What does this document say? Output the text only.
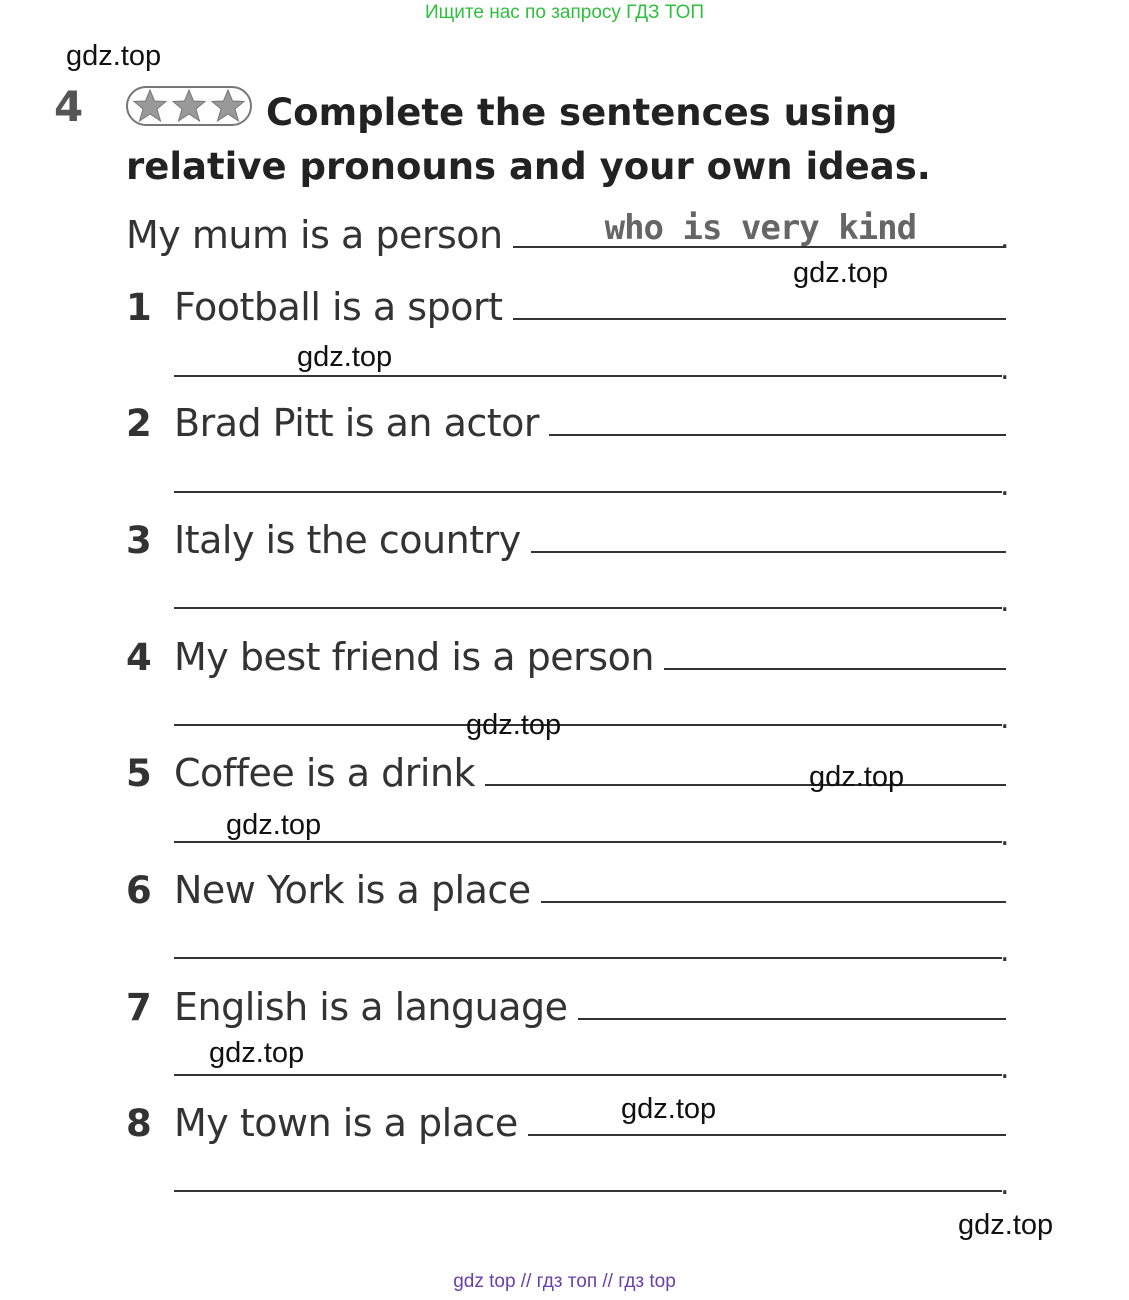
Ищите нас по запросу ГДЗ ТОП
gdz.top
4	Complete the sentences using relative pronouns and your own ideas.

My mum is a person	who is very kind	.
gdz.top
1 Football is a sport
.
gdz.top
2 Brad Pitt is an actor
.
3 Italy is the country
.
4 My best friend is a person
.
gdz.top
5 Coffee is a drink	gdz.top
.
gdz.top
6 New York is a place
.
7 English is a language
gdz.top	.
8 My town is a place	gdz.top
.
gdz.top
gdz top // гдз топ // гдз top
